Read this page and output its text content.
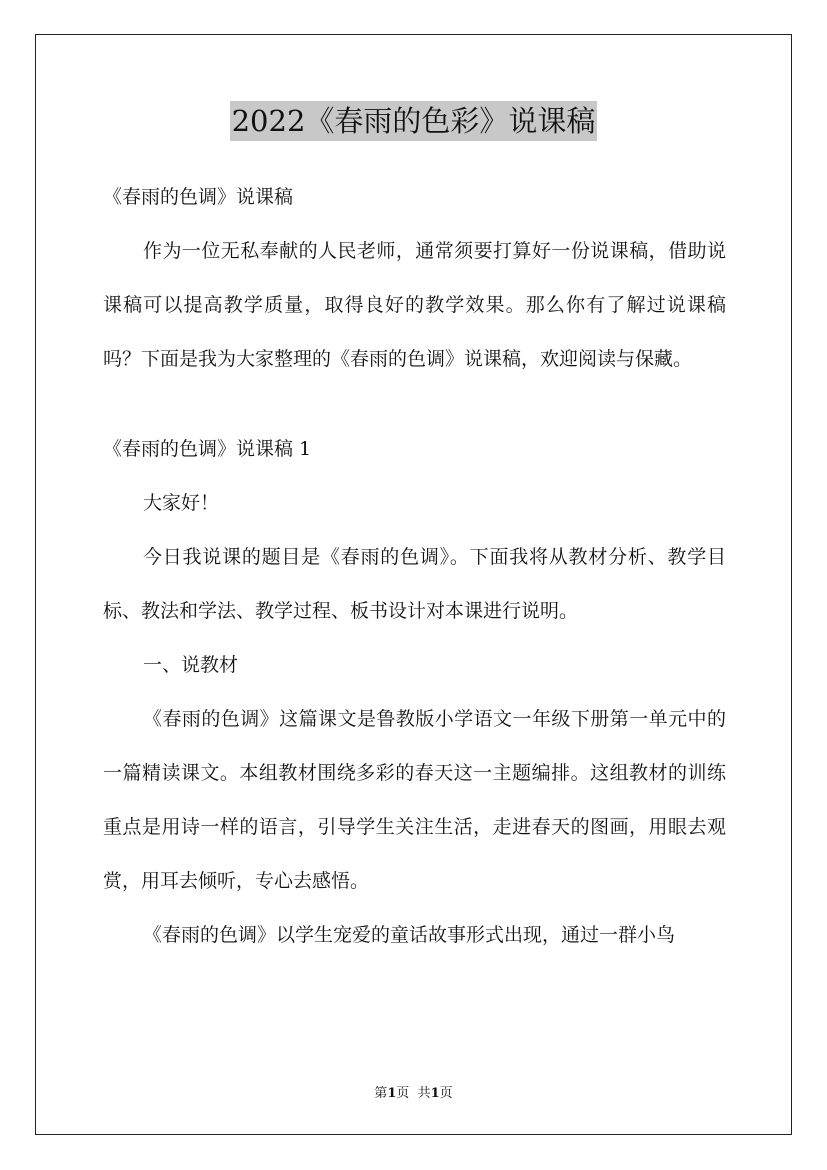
2022《春雨的色彩》说课稿

《春雨的色调》说课稿

作为一位无私奉献的人民老师，通常须要打算好一份说课稿，借助说课稿可以提高教学质量，取得良好的教学效果。那么你有了解过说课稿吗？下面是我为大家整理的《春雨的色调》说课稿，欢迎阅读与保藏。

《春雨的色调》说课稿 1

大家好！

今日我说课的题目是《春雨的色调》。下面我将从教材分析、教学目标、教法和学法、教学过程、板书设计对本课进行说明。

一、说教材

《春雨的色调》这篇课文是鲁教版小学语文一年级下册第一单元中的一篇精读课文。本组教材围绕多彩的春天这一主题编排。这组教材的训练重点是用诗一样的语言，引导学生关注生活，走进春天的图画，用眼去观赏，用耳去倾听，专心去感悟。

《春雨的色调》以学生宠爱的童话故事形式出现，通过一群小鸟

第1页  共1页
